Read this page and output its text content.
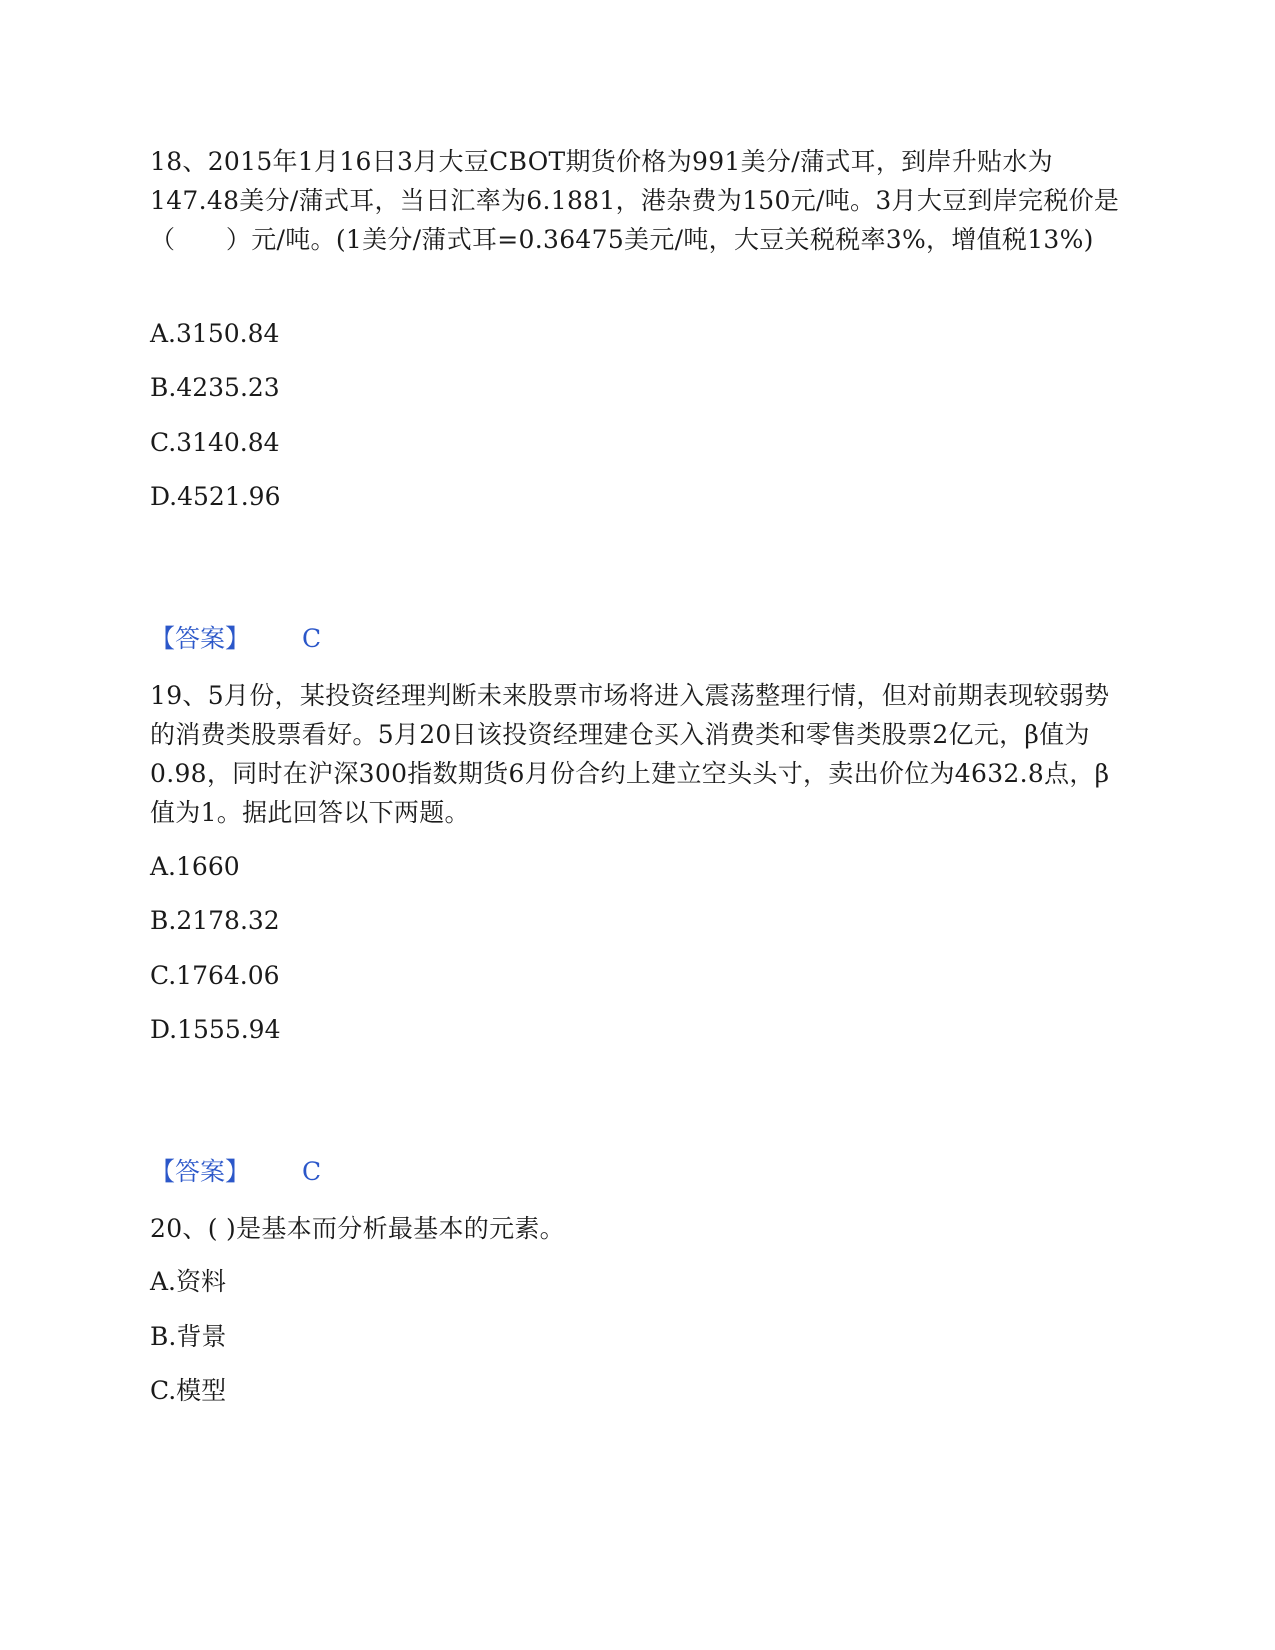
18、2015年1月16日3月大豆CBOT期货价格为991美分/蒲式耳，到岸升贴水为147.48美分/蒲式耳，当日汇率为6.1881，港杂费为150元/吨。3月大豆到岸完税价是（　　）元/吨。(1美分/蒲式耳=0.36475美元/吨，大豆关税税率3%，增值税13%)

A.3150.84

B.4235.23

C.3140.84

D.4521.96

【答案】 C

19、5月份，某投资经理判断未来股票市场将进入震荡整理行情，但对前期表现较弱势的消费类股票看好。5月20日该投资经理建仓买入消费类和零售类股票2亿元，β值为0.98，同时在沪深300指数期货6月份合约上建立空头头寸，卖出价位为4632.8点，β值为1。据此回答以下两题。

A.1660

B.2178.32

C.1764.06

D.1555.94

【答案】 C

20、( )是基本而分析最基本的元素。

A.资料

B.背景

C.模型
